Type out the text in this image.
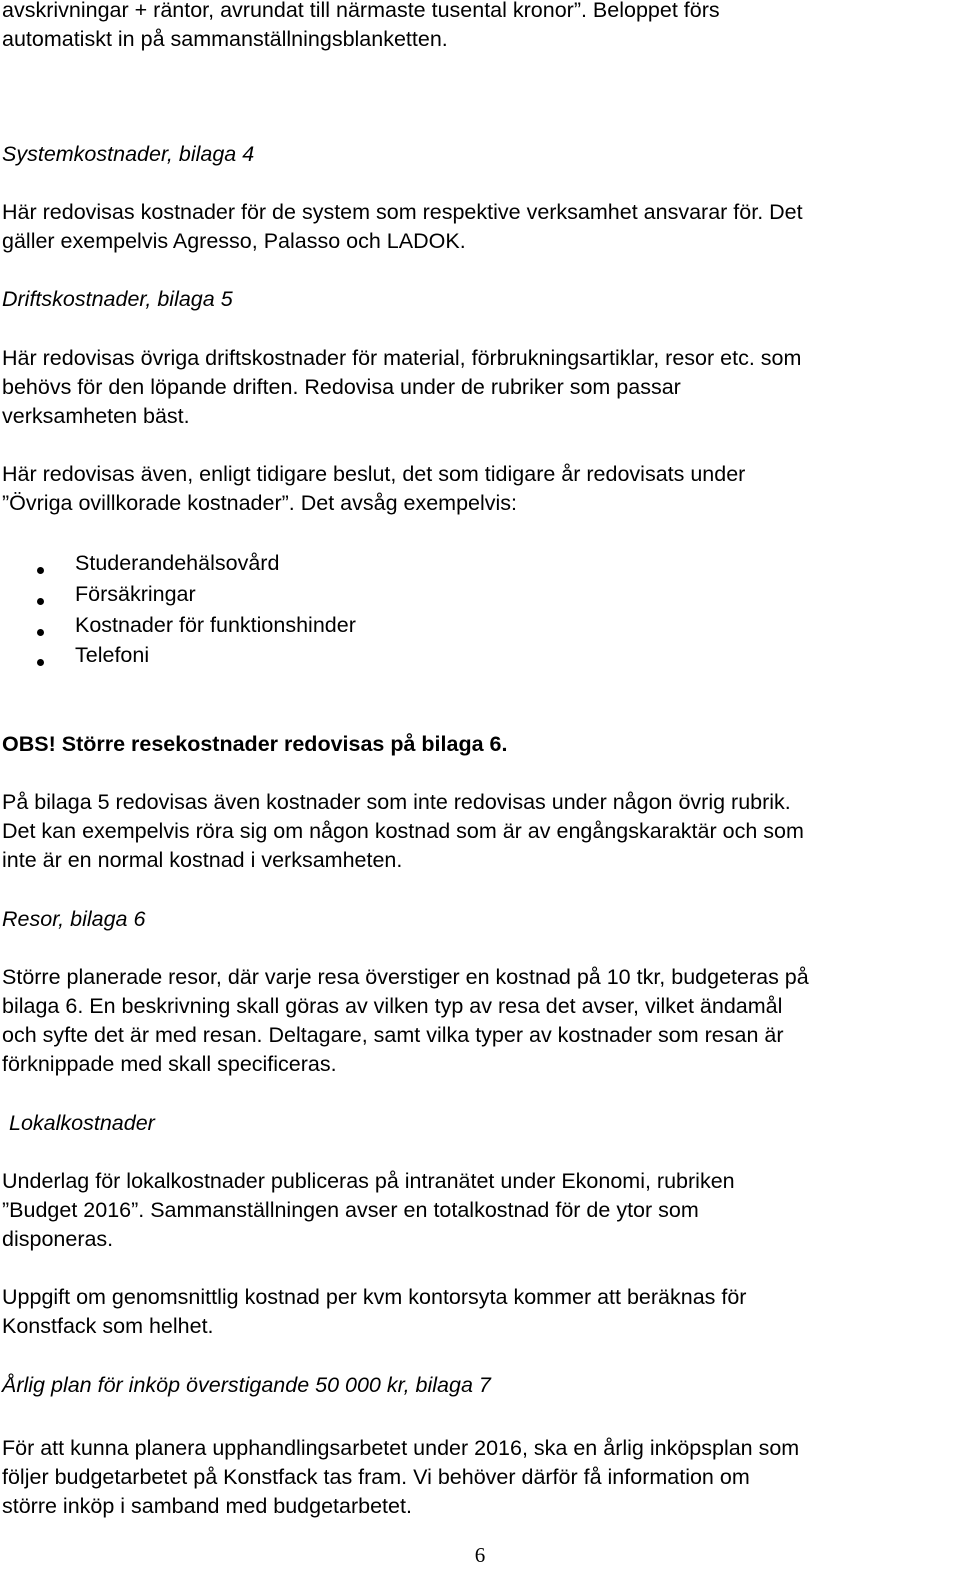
avskrivningar + räntor, avrundat till närmaste tusental kronor”. Beloppet förs
automatiskt in på sammanställningsblanketten.
Systemkostnader, bilaga 4
Här redovisas kostnader för de system som respektive verksamhet ansvarar för. Det
gäller exempelvis Agresso, Palasso och LADOK.
Driftskostnader, bilaga 5
Här redovisas övriga driftskostnader för material, förbrukningsartiklar, resor etc. som
behövs för den löpande driften. Redovisa under de rubriker som passar
verksamheten bäst.
Här redovisas även, enligt tidigare beslut, det som tidigare år redovisats under
”Övriga ovillkorade kostnader”. Det avsåg exempelvis:
Studerandehälsovård
Försäkringar
Kostnader för funktionshinder
Telefoni
OBS! Större resekostnader redovisas på bilaga 6.
På bilaga 5 redovisas även kostnader som inte redovisas under någon övrig rubrik.
Det kan exempelvis röra sig om någon kostnad som är av engångskaraktär och som
inte är en normal kostnad i verksamheten.
Resor, bilaga 6
Större planerade resor, där varje resa överstiger en kostnad på 10 tkr, budgeteras på
bilaga 6. En beskrivning skall göras av vilken typ av resa det avser, vilket ändamål
och syfte det är med resan. Deltagare, samt vilka typer av kostnader som resan är
förknippade med skall specificeras.
Lokalkostnader
Underlag för lokalkostnader publiceras på intranätet under Ekonomi, rubriken
”Budget 2016”. Sammanställningen avser en totalkostnad för de ytor som
disponeras.
Uppgift om genomsnittlig kostnad per kvm kontorsyta kommer att beräknas för
Konstfack som helhet.
Årlig plan för inköp överstigande 50 000 kr, bilaga 7
För att kunna planera upphandlingsarbetet under 2016, ska en årlig inköpsplan som
följer budgetarbetet på Konstfack tas fram. Vi behöver därför få information om
större inköp i samband med budgetarbetet.
6
